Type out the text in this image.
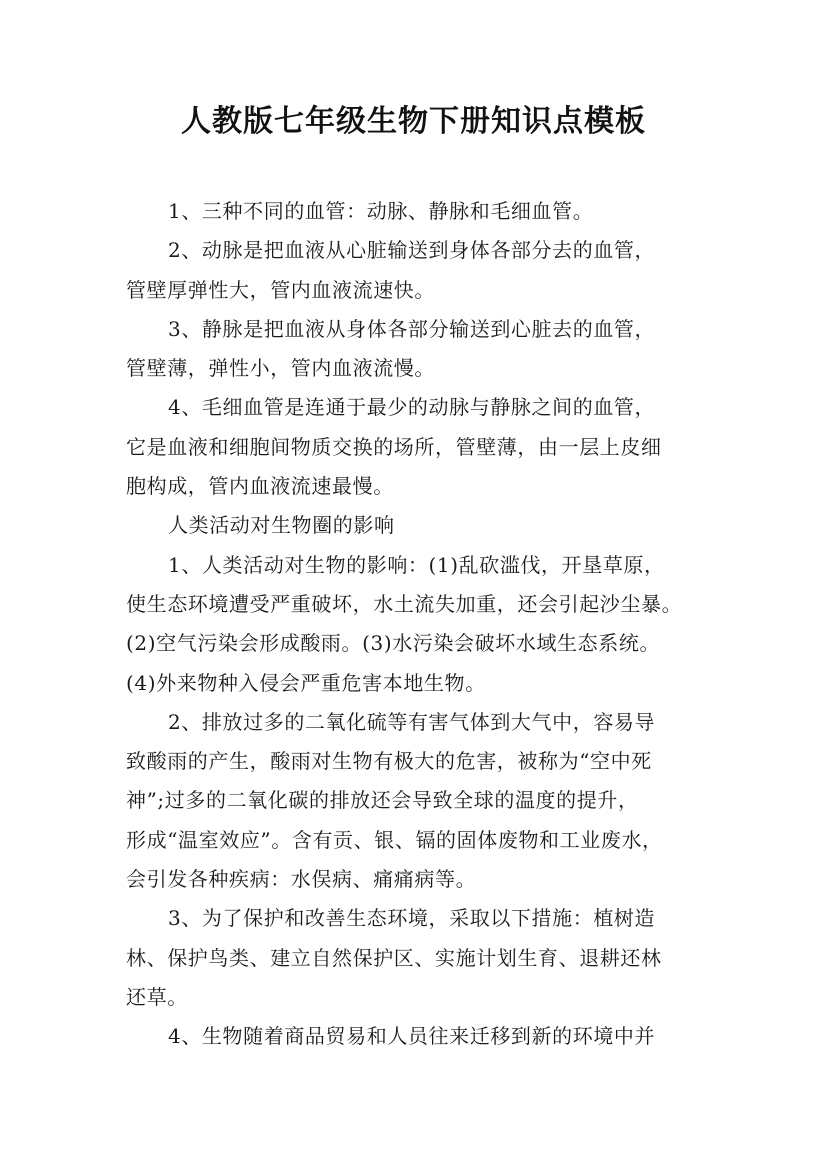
人教版七年级生物下册知识点模板
1、三种不同的血管：动脉、静脉和毛细血管。
2、动脉是把血液从心脏输送到身体各部分去的血管，
管壁厚弹性大，管内血液流速快。
3、静脉是把血液从身体各部分输送到心脏去的血管，
管壁薄，弹性小，管内血液流慢。
4、毛细血管是连通于最少的动脉与静脉之间的血管，
它是血液和细胞间物质交换的场所，管壁薄，由一层上皮细
胞构成，管内血液流速最慢。
人类活动对生物圈的影响
1、人类活动对生物的影响：(1)乱砍滥伐，开垦草原，
使生态环境遭受严重破坏，水土流失加重，还会引起沙尘暴。
(2)空气污染会形成酸雨。(3)水污染会破坏水域生态系统。
(4)外来物种入侵会严重危害本地生物。
2、排放过多的二氧化硫等有害气体到大气中，容易导
致酸雨的产生，酸雨对生物有极大的危害，被称为“空中死
神”;过多的二氧化碳的排放还会导致全球的温度的提升，
形成“温室效应”。含有贡、银、镉的固体废物和工业废水，
会引发各种疾病：水俣病、痛痛病等。
3、为了保护和改善生态环境，采取以下措施：植树造
林、保护鸟类、建立自然保护区、实施计划生育、退耕还林
还草。
4、生物随着商品贸易和人员往来迁移到新的环境中并
